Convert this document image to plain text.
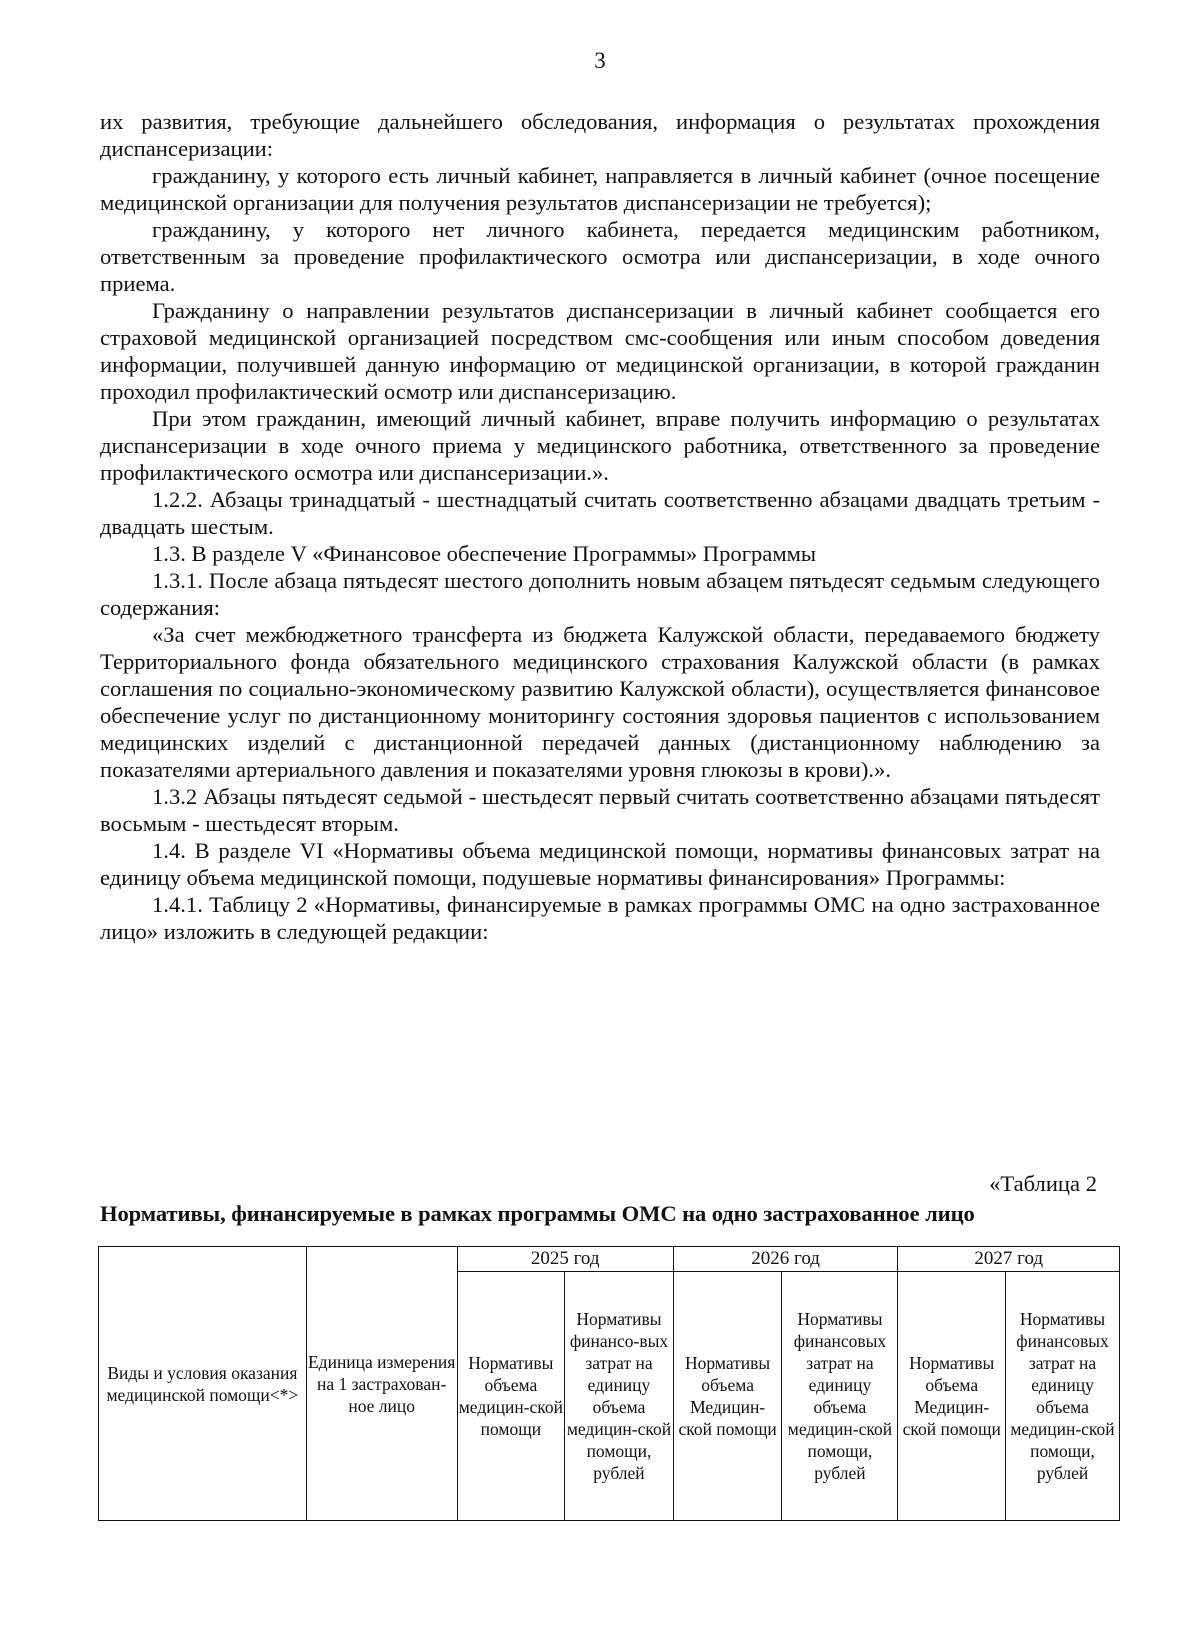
3

их развития, требующие дальнейшего обследования, информация о результатах прохождения диспансеризации:

гражданину, у которого есть личный кабинет, направляется в личный кабинет (очное посещение медицинской организации для получения результатов диспансеризации не требуется);

гражданину, у которого нет личного кабинета, передается медицинским работником, ответственным за проведение профилактического осмотра или диспансеризации, в ходе очного приема.

Гражданину о направлении результатов диспансеризации в личный кабинет сообщается его страховой медицинской организацией посредством смс-сообщения или иным способом доведения информации, получившей данную информацию от медицинской организации, в которой гражданин проходил профилактический осмотр или диспансеризацию.

При этом гражданин, имеющий личный кабинет, вправе получить информацию о результатах диспансеризации в ходе очного приема у медицинского работника, ответственного за проведение профилактического осмотра или диспансеризации.».

1.2.2. Абзацы тринадцатый - шестнадцатый считать соответственно абзацами двадцать третьим - двадцать шестым.

1.3. В разделе V «Финансовое обеспечение Программы» Программы

1.3.1. После абзаца пятьдесят шестого дополнить новым абзацем пятьдесят седьмым следующего содержания:

«За счет межбюджетного трансферта из бюджета Калужской области, передаваемого бюджету Территориального фонда обязательного медицинского страхования Калужской области (в рамках соглашения по социально-экономическому развитию Калужской области), осуществляется финансовое обеспечение услуг по дистанционному мониторингу состояния здоровья пациентов с использованием медицинских изделий с дистанционной передачей данных (дистанционному наблюдению за показателями артериального давления и показателями уровня глюкозы в крови).».

1.3.2 Абзацы пятьдесят седьмой - шестьдесят первый считать соответственно абзацами пятьдесят восьмым - шестьдесят вторым.

1.4. В разделе VI «Нормативы объема медицинской помощи, нормативы финансовых затрат на единицу объема медицинской помощи, подушевые нормативы финансирования» Программы:

1.4.1. Таблицу 2 «Нормативы, финансируемые в рамках программы ОМС на одно застрахованное лицо» изложить в следующей редакции:

«Таблица 2
Нормативы, финансируемые в рамках программы ОМС на одно застрахованное лицо
Виды и условия оказания медицинской помощи<*>	Единица измерения на 1 застрахован-ное лицо	2025 год		2026 год		2027 год	
		Нормативы объема медицин-ской помощи	Нормативы финансо-вых затрат на единицу объема медицин-ской помощи, рублей	Нормативы объема Медицин-ской помощи	Нормативы финансовых затрат на единицу объема медицин-ской помощи, рублей	Нормативы объема Медицин-ской помощи	Нормативы финансовых затрат на единицу объема медицин-ской помощи, рублей
